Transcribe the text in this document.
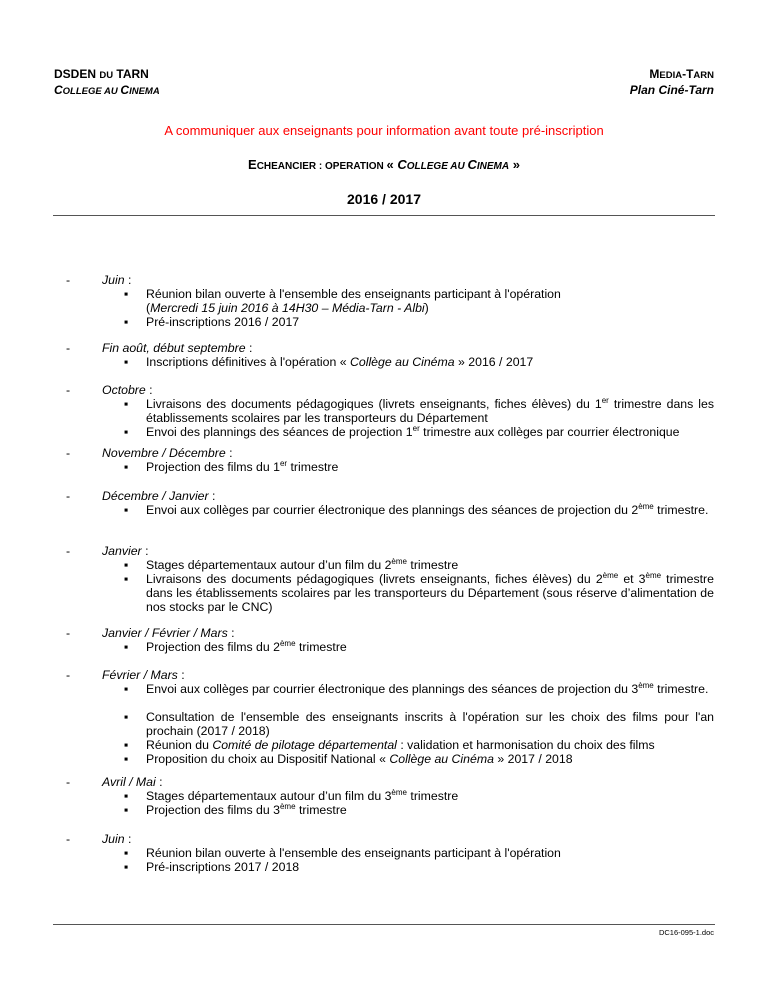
DSDEN DU TARN
COLLEGE AU CINEMA
MEDIA-TARN
Plan Ciné-Tarn
A communiquer aux enseignants pour information avant toute pré-inscription
ECHEANCIER : OPERATION « COLLEGE AU CINEMA »
2016 / 2017
-	Juin :
▪ Réunion bilan ouverte à l'ensemble des enseignants participant à l'opération
(Mercredi 15 juin 2016 à 14H30 – Média-Tarn - Albi)
▪ Pré-inscriptions 2016 / 2017
-	Fin août, début septembre :
▪ Inscriptions définitives à l'opération « Collège au Cinéma » 2016 / 2017
-	Octobre :
▪ Livraisons des documents pédagogiques (livrets enseignants, fiches élèves) du 1er trimestre dans les établissements scolaires par les transporteurs du Département
▪ Envoi des plannings des séances de projection 1er trimestre aux collèges par courrier électronique
-	Novembre / Décembre :
▪ Projection des films du 1er trimestre
-	Décembre / Janvier :
▪ Envoi aux collèges par courrier électronique des plannings des séances de projection du 2ème trimestre.
-	Janvier :
▪ Stages départementaux autour d’un film du 2ème trimestre
▪ Livraisons des documents pédagogiques (livrets enseignants, fiches élèves) du 2ème et 3ème trimestre dans les établissements scolaires par les transporteurs du Département (sous réserve d’alimentation de nos stocks par le CNC)
-	Janvier / Février / Mars :
▪ Projection des films du 2ème trimestre
-	Février / Mars :
▪ Envoi aux collèges par courrier électronique des plannings des séances de projection du 3ème trimestre.
▪ Consultation de l'ensemble des enseignants inscrits à l'opération sur les choix des films pour l'an prochain (2017 / 2018)
▪ Réunion du Comité de pilotage départemental : validation et harmonisation du choix des films
▪ Proposition du choix au Dispositif National « Collège au Cinéma » 2017 / 2018
-	Avril / Mai :
▪ Stages départementaux autour d’un film du 3ème trimestre
▪ Projection des films du 3ème trimestre
-	Juin :
▪ Réunion bilan ouverte à l'ensemble des enseignants participant à l'opération
▪ Pré-inscriptions 2017 / 2018
DC16-095-1.doc
